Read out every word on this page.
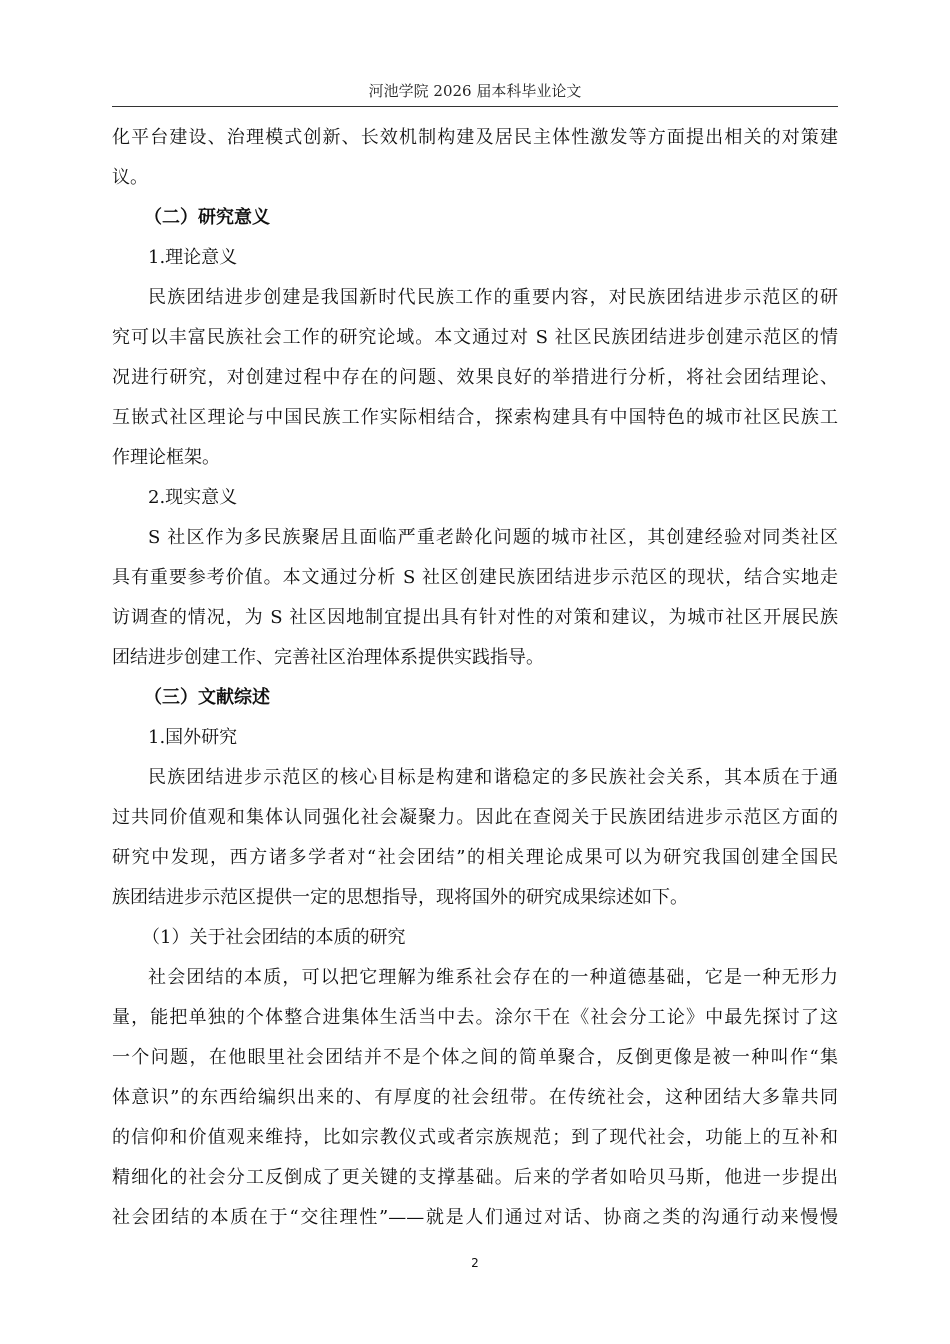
河池学院 2026 届本科毕业论文
化平台建设、治理模式创新、长效机制构建及居民主体性激发等方面提出相关的对策建
议。
（二）研究意义
1.理论意义
民族团结进步创建是我国新时代民族工作的重要内容，对民族团结进步示范区的研
究可以丰富民族社会工作的研究论域。本文通过对 S 社区民族团结进步创建示范区的情
况进行研究，对创建过程中存在的问题、效果良好的举措进行分析，将社会团结理论、
互嵌式社区理论与中国民族工作实际相结合，探索构建具有中国特色的城市社区民族工
作理论框架。
2.现实意义
S 社区作为多民族聚居且面临严重老龄化问题的城市社区，其创建经验对同类社区
具有重要参考价值。本文通过分析 S 社区创建民族团结进步示范区的现状，结合实地走
访调查的情况，为 S 社区因地制宜提出具有针对性的对策和建议，为城市社区开展民族
团结进步创建工作、完善社区治理体系提供实践指导。
（三）文献综述
1.国外研究
民族团结进步示范区的核心目标是构建和谐稳定的多民族社会关系，其本质在于通
过共同价值观和集体认同强化社会凝聚力。因此在查阅关于民族团结进步示范区方面的
研究中发现，西方诸多学者对“社会团结”的相关理论成果可以为研究我国创建全国民
族团结进步示范区提供一定的思想指导，现将国外的研究成果综述如下。
（1）关于社会团结的本质的研究
社会团结的本质，可以把它理解为维系社会存在的一种道德基础，它是一种无形力
量，能把单独的个体整合进集体生活当中去。涂尔干在《社会分工论》中最先探讨了这
一个问题，在他眼里社会团结并不是个体之间的简单聚合，反倒更像是被一种叫作“集
体意识”的东西给编织出来的、有厚度的社会纽带。在传统社会，这种团结大多靠共同
的信仰和价值观来维持，比如宗教仪式或者宗族规范；到了现代社会，功能上的互补和
精细化的社会分工反倒成了更关键的支撑基础。后来的学者如哈贝马斯，他进一步提出
社会团结的本质在于“交往理性”——就是人们通过对话、协商之类的沟通行动来慢慢
2
